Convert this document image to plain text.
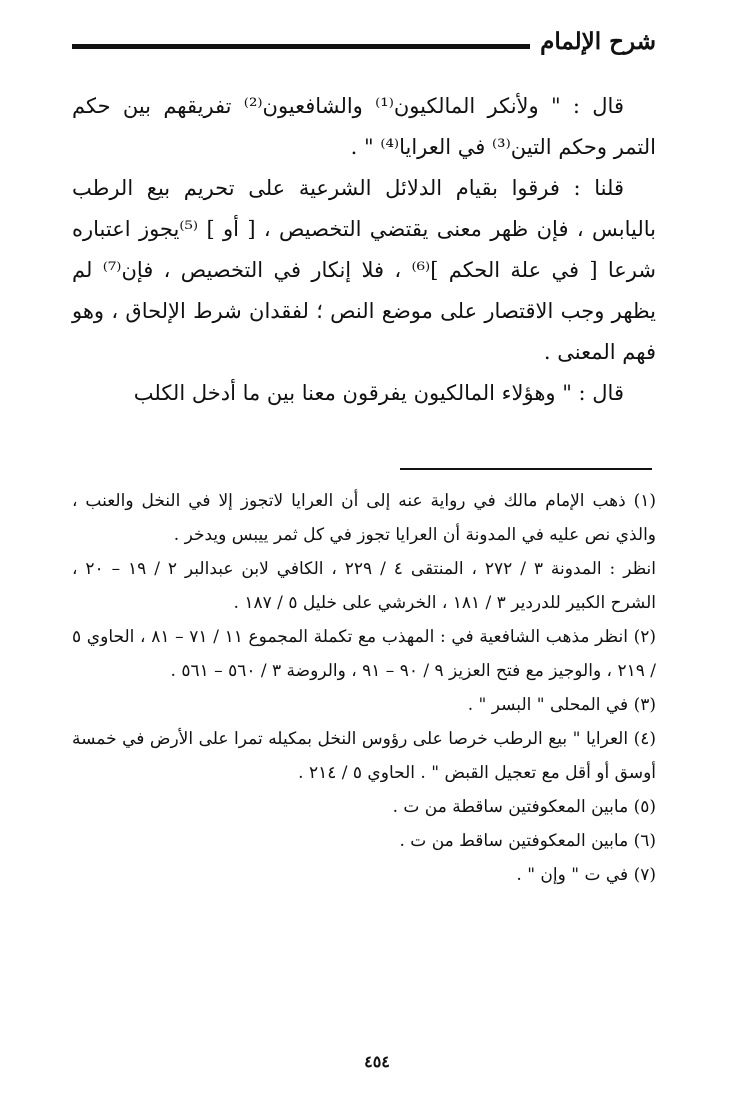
شرح الإلمام

قال : " ولأنكر المالكيون⁽¹⁾ والشافعيون⁽²⁾ تفريقهم بين حكم التمر وحكم التين⁽³⁾ في العرايا⁽⁴⁾ " .

قلنا : فرقوا بقيام الدلائل الشرعية على تحريم بيع الرطب باليابس ، فإن ظهر معنى يقتضي التخصيص ، [ أو ] ⁽⁵⁾يجوز اعتباره شرعا [ في علة الحكم ]⁽⁶⁾ ، فلا إنكار في التخصيص ، فإن⁽⁷⁾ لم يظهر وجب الاقتصار على موضع النص ؛ لفقدان شرط الإلحاق ، وهو فهم المعنى .

قال : " وهؤلاء المالكيون يفرقون معنا بين ما أدخل الكلب

(١) ذهب الإمام مالك في رواية عنه إلى أن العرايا لاتجوز إلا في النخل والعنب ، والذي نص عليه في المدونة أن العرايا تجوز في كل ثمر ييبس ويدخر .

انظر : المدونة ٣ / ٢٧٢ ، المنتقى ٤ / ٢٢٩ ، الكافي لابن عبدالبر ٢ / ١٩ – ٢٠ ، الشرح الكبير للدردير ٣ / ١٨١ ، الخرشي على خليل ٥ / ١٨٧ .

(٢) انظر مذهب الشافعية في : المهذب مع تكملة المجموع ١١ / ٧١ – ٨١ ، الحاوي ٥ / ٢١٩ ، والوجيز مع فتح العزيز ٩ / ٩٠ – ٩١ ، والروضة ٣ / ٥٦٠ – ٥٦١ .

(٣) في المحلى " البسر " .

(٤) العرايا " بيع الرطب خرصا على رؤوس النخل بمكيله تمرا على الأرض في خمسة أوسق أو أقل مع تعجيل القبض " . الحاوي ٥ / ٢١٤ .

(٥) مابين المعكوفتين ساقطة من ت .

(٦) مابين المعكوفتين ساقط من ت .

(٧) في ت " وإن " .

٤٥٤
